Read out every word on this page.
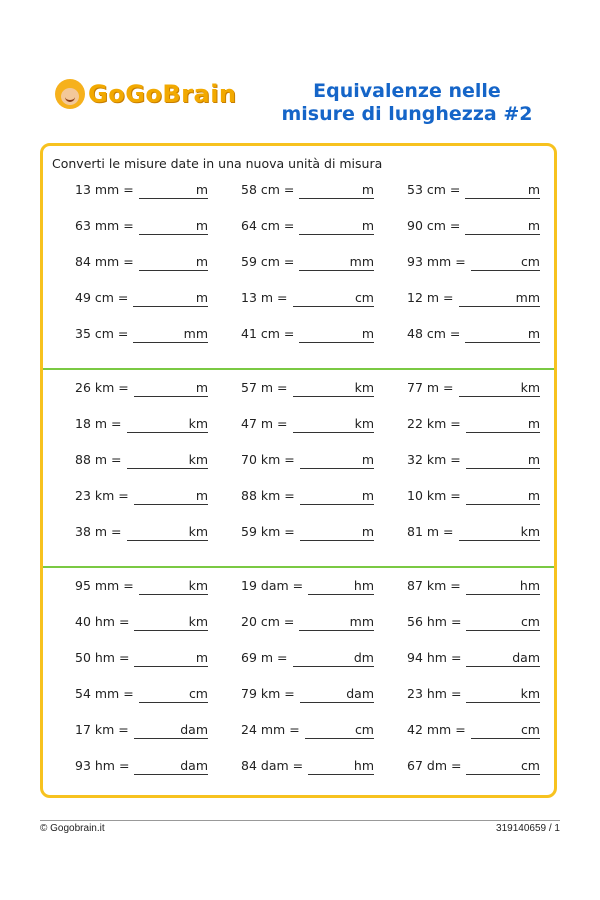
GoGoBrain	Equivalenze nelle
misure di lunghezza #2
Converti le misure date in una nuova unità di misura
13 mm =	m	58 cm =	m	53 cm =	m
63 mm =	m	64 cm =	m	90 cm =	m
84 mm =	m	59 cm =	mm	93 mm =	cm
49 cm =	m	13 m =	cm	12 m =	mm
35 cm =	mm	41 cm =	m	48 cm =	m
26 km =	m	57 m =	km	77 m =	km
18 m =	km	47 m =	km	22 km =	m
88 m =	km	70 km =	m	32 km =	m
23 km =	m	88 km =	m	10 km =	m
38 m =	km	59 km =	m	81 m =	km
95 mm =	km	19 dam =	hm	87 km =	hm
40 hm =	km	20 cm =	mm	56 hm =	cm
50 hm =	m	69 m =	dm	94 hm =	dam
54 mm =	cm	79 km =	dam	23 hm =	km
17 km =	dam	24 mm =	cm	42 mm =	cm
93 hm =	dam	84 dam =	hm	67 dm =	cm
© Gogobrain.it	319140659 / 1
